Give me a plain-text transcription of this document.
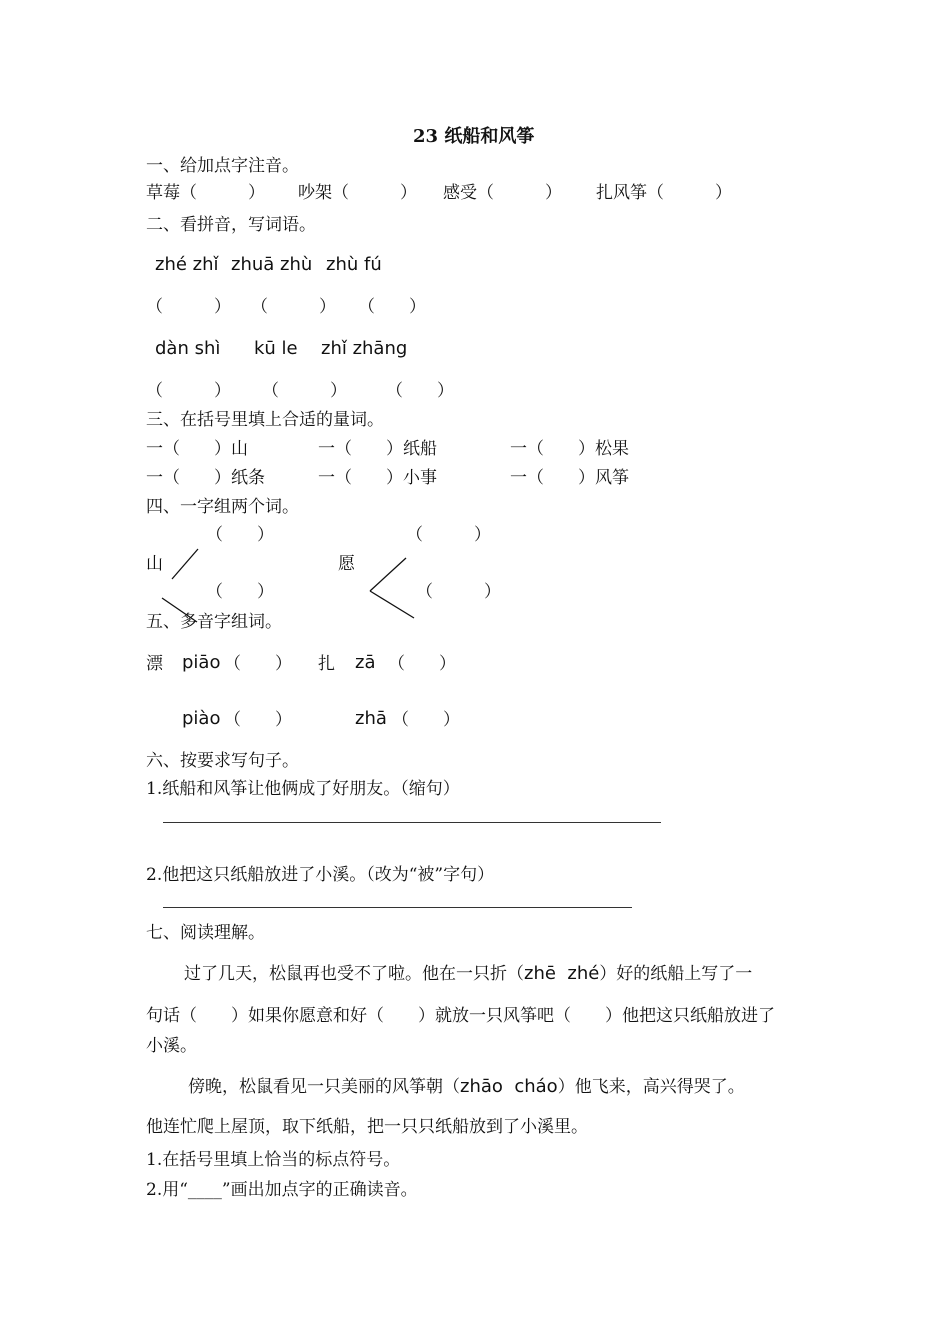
23 纸船和风筝
一、给加点字注音。
草莓（　　　） 吵架（　　　） 感受（　　　） 扎风筝（　　　）
二、看拼音，写词语。
zhé zhǐ zhuā zhù zhù fú
（　　　） （　　　） （　　）
dàn shì kū le zhǐ zhāng
（　　　） （　　　） （　　）
三、在括号里填上合适的量词。
一（　　）山	一（　　）纸船	一（　　）松果
一（　　）纸条	一（　　）小事	一（　　）风筝
四、一字组两个词。
（　　）
山
（　　）
（　　　）
愿
（　　　）
五、多音字组词。
漂 piāo （　　） 扎 zā （　　）
piào （　　）	zhā （　　）
六、按要求写句子。
1.纸船和风筝让他俩成了好朋友。（缩句）
2.他把这只纸船放进了小溪。（改为“被”字句）
七、阅读理解。
过了几天，松鼠再也受不了啦。他在一只折（zhē  zhé）好的纸船上写了一
句话（　　）如果你愿意和好（　　）就放一只风筝吧（　　）他把这只纸船放进了
小溪。
傍晚，松鼠看见一只美丽的风筝朝（zhāo  cháo）他飞来，高兴得哭了。
他连忙爬上屋顶，取下纸船，把一只只纸船放到了小溪里。
1.在括号里填上恰当的标点符号。
2.用“____”画出加点字的正确读音。
